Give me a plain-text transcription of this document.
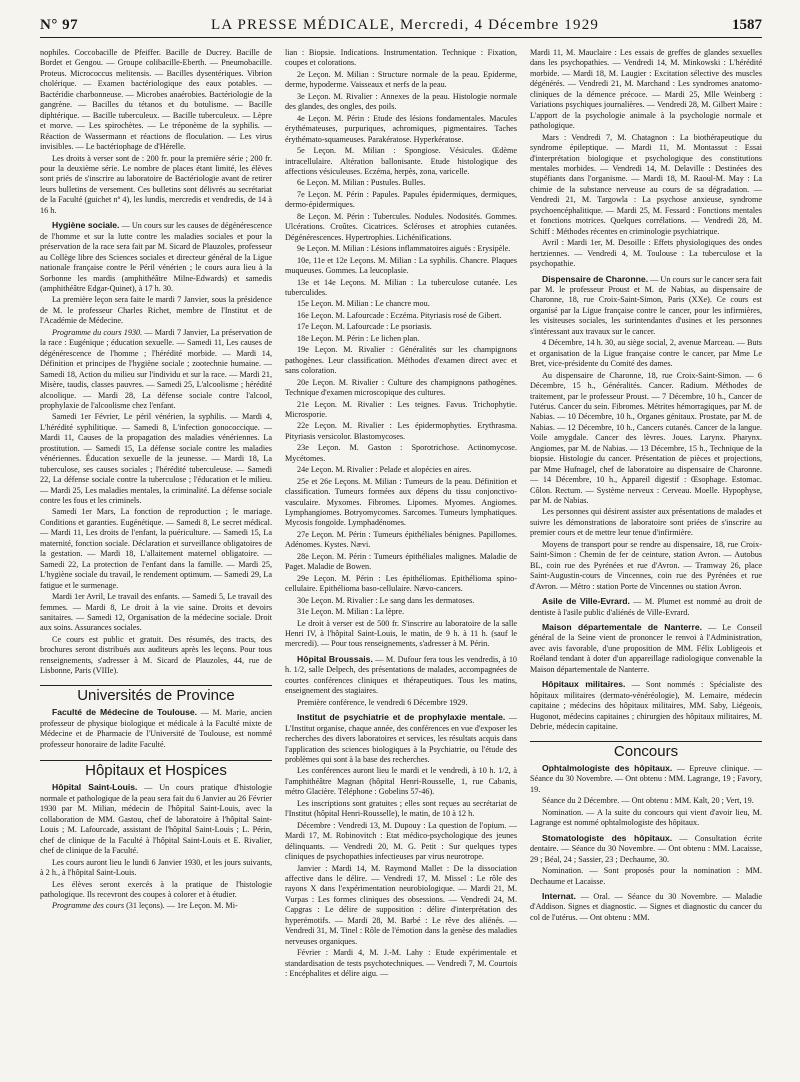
N° 97	LA PRESSE MÉDICALE, Mercredi, 4 Décembre 1929	1587

nophiles. Coccobacille de Pfeiffer. Bacille de Ducrey. Bacille de Bordet et Gengou. — Groupe colibacille-Eberth. — Pneumobacille. Proteus. Micrococcus melitensis. — Bacilles dysentériques. Vibrion cholérique. — Examen bactériologique des eaux potables. — Bactéridie charbonneuse. — Microbes anaérobies. Bactériologie de la gangrène. — Bacilles du tétanos et du botulisme. — Bacille diphtérique. — Bacille tuberculeux. — Bacille tuberculeux. — Lèpre et morve. — Les spirochètes. — Le tréponème de la syphilis. — Réaction de Wassermann et réactions de floculation. — Les virus invisibles. — Le bactériophage de d'Hérelle.

Les droits à verser sont de : 200 fr. pour la première série ; 200 fr. pour la deuxième série. Le nombre de places étant limité, les élèves sont priés de s'inscrire au laboratoire de Bactériologie avant de retirer leurs bulletins de versement. Ces bulletins sont délivrés au secrétariat de la Faculté (guichet nº 4), les lundis, mercredis et vendredis, de 14 à 16 h.

Hygiène sociale. — Un cours sur les causes de dégénérescence de l'homme et sur la lutte contre les maladies sociales et pour la préservation de la race sera fait par M. Sicard de Plauzoles, professeur au Collège libre des Sciences sociales et directeur général de la Ligue nationale française contre le Péril vénérien ; le cours aura lieu à la Sorbonne les mardis (amphithéâtre Milne-Edwards) et samedis (amphithéâtre Edgar-Quinet), à 17 h. 30.

La première leçon sera faite le mardi 7 Janvier, sous la présidence de M. le professeur Charles Richet, membre de l'Institut et de l'Académie de Médecine.

Programme du cours 1930. — Mardi 7 Janvier, La préservation de la race : Eugénique ; éducation sexuelle. — Samedi 11, Les causes de dégénérescence de l'homme ; l'hérédité morbide. — Mardi 14, Définition et principes de l'hygiène sociale ; zootechnie humaine. — Samedi 18, Action du milieu sur l'individu et sur la race. — Mardi 21, Misère, taudis, classes pauvres. — Samedi 25, L'alcoolisme ; hérédité alcoolique. — Mardi 28, La défense sociale contre l'alcool, prophylaxie de l'alcoolisme chez l'enfant.

Samedi 1er Février, Le péril vénérien, la syphilis. — Mardi 4, L'hérédité syphilitique. — Samedi 8, L'infection gonococcique. — Mardi 11, Causes de la propagation des maladies vénériennes. La prostitution. — Samedi 15, La défense sociale contre les maladies vénériennes. Éducation sexuelle de la jeunesse. — Mardi 18, La tuberculose, ses causes sociales ; l'hérédité tuberculeuse. — Samedi 22, La défense sociale contre la tuberculose ; l'éducation et le milieu. — Mardi 25, Les maladies mentales, la criminalité. La défense sociale contre les fous et les criminels.

Samedi 1er Mars, La fonction de reproduction ; le mariage. Conditions et garanties. Eugénétique. — Samedi 8, Le secret médical. — Mardi 11, Les droits de l'enfant, la puériculture. — Samedi 15, La maternité, fonction sociale. Déclaration et surveillance obligatoires de la gestation. — Mardi 18, L'allaitement maternel obligatoire. — Samedi 22, La protection de l'enfant dans la famille. — Mardi 25, L'hygiène sociale du travail, le rendement optimum. — Samedi 29, La fatigue et le surmenage.

Mardi 1er Avril, Le travail des enfants. — Samedi 5, Le travail des femmes. — Mardi 8, Le droit à la vie saine. Droits et devoirs sanitaires. — Samedi 12, Organisation de la médecine sociale. Droit aux soins. Assurances sociales.

Ce cours est public et gratuit. Des résumés, des tracts, des brochures seront distribués aux auditeurs après les leçons. Pour tous renseignements, s'adresser à M. Sicard de Plauzoles, 44, rue de Lisbonne, Paris (VIIIe).

Universités de Province

Faculté de Médecine de Toulouse. — M. Marie, ancien professeur de physique biologique et médicale à la Faculté mixte de Médecine et de Pharmacie de l'Université de Toulouse, est nommé professeur honoraire de ladite Faculté.

Hôpitaux et Hospices

Hôpital Saint-Louis. — Un cours pratique d'histologie normale et pathologique de la peau sera fait du 6 Janvier au 26 Février 1930 par M. Milian, médecin de l'hôpital Saint-Louis, avec la collaboration de MM. Gastou, chef de laboratoire à l'hôpital Saint-Louis ; M. Lafourcade, assistant de l'hôpital Saint-Louis ; L. Périn, chef de clinique de la Faculté à l'hôpital Saint-Louis et E. Rivalier, chef de clinique de la Faculté.

Les cours auront lieu le lundi 6 Janvier 1930, et les jours suivants, à 2 h., à l'hôpital Saint-Louis.

Les élèves seront exercés à la pratique de l'histologie pathologique. Ils recevront des coupes à colorer et à étudier.

Programme des cours (31 leçons). — 1re Leçon. M. Mi-

lian : Biopsie. Indications. Instrumentation. Technique : Fixation, coupes et colorations.

2e Leçon. M. Milian : Structure normale de la peau. Epiderme, derme, hypoderme. Vaisseaux et nerfs de la peau.

3e Leçon. M. Rivalier : Annexes de la peau. Histologie normale des glandes, des ongles, des poils.

4e Leçon. M. Périn : Etude des lésions fondamentales. Macules érythémateuses, purpuriques, achromiques, pigmentaires. Taches érythémato-squameuses. Parakératose. Hyperkératose.

5e Leçon. M. Milian : Spongiose. Vésicules. Œdème intracellulaire. Altération ballonisante. Etude histologique des affections vésiculeuses. Eczéma, herpès, zona, varicelle.

6e Leçon. M. Milian : Pustules. Bulles.

7e Leçon. M. Périn : Papules. Papules épidermiques, dermiques, dermo-épidermiques.

8e Leçon. M. Périn : Tubercules. Nodules. Nodosités. Gommes. Ulcérations. Croûtes. Cicatrices. Scléroses et atrophies cutanées. Dégénérescences. Hypertrophies. Lichénifications.

9e Leçon. M. Milian : Lésions inflammatoires aiguës : Erysipèle.

10e, 11e et 12e Leçons. M. Milian : La syphilis. Chancre. Plaques muqueuses. Gommes. La leucoplasie.

13e et 14e Leçons. M. Milian : La tuberculose cutanée. Les tuberculides.

15e Leçon. M. Milian : Le chancre mou.

16e Leçon. M. Lafourcade : Eczéma. Pityriasis rosé de Gibert.

17e Leçon. M. Lafourcade : Le psoriasis.

18e Leçon. M. Périn : Le lichen plan.

19e Leçon. M. Rivalier : Généralités sur les champignons pathogènes. Leur classification. Méthodes d'examen direct avec et sans coloration.

20e Leçon. M. Rivalier : Culture des champignons pathogènes. Technique d'examen microscopique des cultures.

21e Leçon. M. Rivalier : Les teignes. Favus. Trichophytie. Microsporie.

22e Leçon. M. Rivalier : Les épidermophyties. Erythrasma. Pityriasis versicolor. Blastomycoses.

23e Leçon. M. Gaston : Sporotrichose. Actinomycose. Mycétomes.

24e Leçon. M. Rivalier : Pelade et alopécies en aires.

25e et 26e Leçons. M. Milian : Tumeurs de la peau. Définition et classification. Tumeurs formées aux dépens du tissu conjonctivo-vasculaire. Myxomes. Fibromes. Lipomes. Myomes. Angiomes. Lymphangiomes. Botryomycomes. Sarcomes. Tumeurs lymphatiques. Mycosis fongoïde. Lymphadénomes.

27e Leçon. M. Périn : Tumeurs épithéliales bénignes. Papillomes. Adénomes. Kystes. Nævi.

28e Leçon. M. Périn : Tumeurs épithéliales malignes. Maladie de Paget. Maladie de Bowen.

29e Leçon. M. Périn : Les épithéliomas. Epithélioma spino-cellulaire. Epithélioma baso-cellulaire. Nævo-cancers.

30e Leçon. M. Rivalier : Le sang dans les dermatoses.

31e Leçon. M. Milian : La lèpre.

Le droit à verser est de 500 fr. S'inscrire au laboratoire de la salle Henri IV, à l'hôpital Saint-Louis, le matin, de 9 h. à 11 h. (sauf le mercredi). — Pour tous renseignements, s'adresser à M. Périn.

Hôpital Broussais. — M. Dufour fera tous les vendredis, à 10 h. 1/2, salle Delpech, des présentations de malades, accompagnées de courtes conférences cliniques et thérapeutiques. Tous les matins, enseignement des stagiaires.

Première conférence, le vendredi 6 Décembre 1929.

Institut de psychiatrie et de prophylaxie mentale. — L'Institut organise, chaque année, des conférences en vue d'exposer les recherches des divers laboratoires et services, les résultats acquis dans l'application des sciences biologiques à la Psychiatrie, ou l'étude des problèmes qui sont à la base des recherches.

Les conférences auront lieu le mardi et le vendredi, à 10 h. 1/2, à l'amphithéâtre Magnan (hôpital Henri-Rousselle, 1, rue Cabanis, métro Glacière. Téléphone : Gobelins 57-46).

Les inscriptions sont gratuites ; elles sont reçues au secrétariat de l'Institut (hôpital Henri-Rousselle), le matin, de 10 à 12 h.

Décembre : Vendredi 13, M. Dupouy : La question de l'opium. — Mardi 17, M. Robinovitch : Etat médico-psychologique des jeunes délinquants. — Vendredi 20, M. G. Petit : Sur quelques types cliniques de psychopathies infectieuses par virus neurotrope.

Janvier : Mardi 14, M. Raymond Mallet : De la dissociation affective dans le délire. — Vendredi 17, M. Missel : Le rôle des rayons X dans l'expérimentation neurobiologique. — Mardi 21, M. Vurpas : Les formes cliniques des obsessions. — Vendredi 24, M. Capgras : Le délire de supposition : délire d'interprétation des hyperémotifs. — Mardi 28, M. Barbé : Le rêve des aliénés. — Vendredi 31, M. Tinel : Rôle de l'émotion dans la genèse des maladies nerveuses organiques.

Février : Mardi 4, M. J.-M. Lahy : Etude expérimentale et standardisation de tests psychotechniques. — Vendredi 7, M. Courtois : Encéphalites et délire aigu. —

Mardi 11, M. Mauclaire : Les essais de greffes de glandes sexuelles dans les psychopathies. — Vendredi 14, M. Minkowski : L'hérédité morbide. — Mardi 18, M. Laugier : Excitation sélective des muscles dégénérés. — Vendredi 21, M. Marchand : Les syndromes anatomo-cliniques de la démence précoce. — Mardi 25, Mlle Weinberg : Variations psychiques journalières. — Vendredi 28, M. Gilbert Maire : L'apport de la psychologie animale à la psychologie normale et pathologique.

Mars : Vendredi 7, M. Chatagnon : La biothérapeutique du syndrome épileptique. — Mardi 11, M. Montassut : Essai d'interprétation biologique et psychologique des constitutions mentales morbides. — Vendredi 14, M. Delaville : Destinées des stupéfiants dans l'organisme. — Mardi 18, M. Raoul-M. May : La chimie de la substance nerveuse au cours de sa dégradation. — Vendredi 21, M. Targowla : La psychose anxieuse, syndrome psychoencéphalitique. — Mardi 25, M. Fessard : Fonctions mentales et fonctions motrices. Quelques corrélations. — Vendredi 28, M. Schiff : Méthodes récentes en criminologie psychiatrique.

Avril : Mardi 1er, M. Desoille : Effets physiologiques des ondes hertziennes. — Vendredi 4, M. Toulouse : La tuberculose et la psychopathie.

Dispensaire de Charonne. — Un cours sur le cancer sera fait par M. le professeur Proust et M. de Nabias, au dispensaire de Charonne, 18, rue Croix-Saint-Simon, Paris (XXe). Ce cours est organisé par la Ligue française contre le cancer, pour les infirmières, les visiteuses sociales, les surintendantes d'usines et les personnes s'intéressant aux travaux sur le cancer.

4 Décembre, 14 h. 30, au siège social, 2, avenue Marceau. — Buts et organisation de la Ligue française contre le cancer, par Mme Le Bret, vice-présidente du Comité des dames.

Au dispensaire de Charonne, 18, rue Croix-Saint-Simon. — 6 Décembre, 15 h., Généralités. Cancer. Radium. Méthodes de traitement, par le professeur Proust. — 7 Décembre, 10 h., Cancer de l'utérus. Cancer du sein. Fibromes. Métrites hémorragiques, par M. de Nabias. — 10 Décembre, 10 h., Organes génitaux. Prostate, par M. de Nabias. — 12 Décembre, 10 h., Cancers cutanés. Cancer de la langue. Voile amygdale. Cancer des lèvres. Joues. Larynx. Pharynx. Angiomes, par M. de Nabias. — 13 Décembre, 15 h., Technique de la biopsie. Histologie du cancer. Présentation de pièces et projections, par Mme Hufnagel, chef de laboratoire au dispensaire de Charonne. — 14 Décembre, 10 h., Appareil digestif : Œsophage. Estomac. Côlon. Rectum. — Système nerveux : Cerveau. Moelle. Hypophyse, par M. de Nabias.

Les personnes qui désirent assister aux présentations de malades et suivre les démonstrations de laboratoire sont priées de s'inscrire au premier cours et de mettre leur tenue d'infirmière.

Moyens de transport pour se rendre au dispensaire, 18, rue Croix-Saint-Simon : Chemin de fer de ceinture, station Avron. — Autobus BL, coin rue des Pyrénées et rue d'Avron. — Tramway 26, place Saint-Augustin-cours de Vincennes, coin rue des Pyrénées et rue d'Avron. — Métro : station Porte de Vincennes ou station Avron.

Asile de Ville-Evrard. — M. Plumet est nommé au droit de dentiste à l'asile public d'aliénés de Ville-Evrard.

Maison départementale de Nanterre. — Le Conseil général de la Seine vient de prononcer le renvoi à l'Administration, avec avis favorable, d'une proposition de MM. Félix Lobligeois et Roéland tendant à doter d'un appareillage radiologique convenable la Maison départementale de Nanterre.

Hôpitaux militaires. — Sont nommés : Spécialiste des hôpitaux militaires (dermato-vénéréologie), M. Lemaire, médecin capitaine ; médecins des hôpitaux militaires, MM. Saby, Liégeois, Hugonot, médecins capitaines ; chirurgien des hôpitaux militaires, M. Debrie, médecin capitaine.

Concours

Ophtalmologiste des hôpitaux. — Epreuve clinique. — Séance du 30 Novembre. — Ont obtenu : MM. Lagrange, 19 ; Favory, 19.

Séance du 2 Décembre. — Ont obtenu : MM. Kalt, 20 ; Vert, 19.

Nomination. — A la suite du concours qui vient d'avoir lieu, M. Lagrange est nommé ophtalmologiste des hôpitaux.

Stomatologiste des hôpitaux. — Consultation écrite dentaire. — Séance du 30 Novembre. — Ont obtenu : MM. Lacaisse, 29 ; Béal, 24 ; Sassier, 23 ; Dechaume, 30.

Nomination. — Sont proposés pour la nomination : MM. Dechaume et Lacaisse.

Internat. — Oral. — Séance du 30 Novembre. — Maladie d'Addison. Signes et diagnostic. — Signes et diagnostic du cancer du col de l'utérus. — Ont obtenu : MM.
